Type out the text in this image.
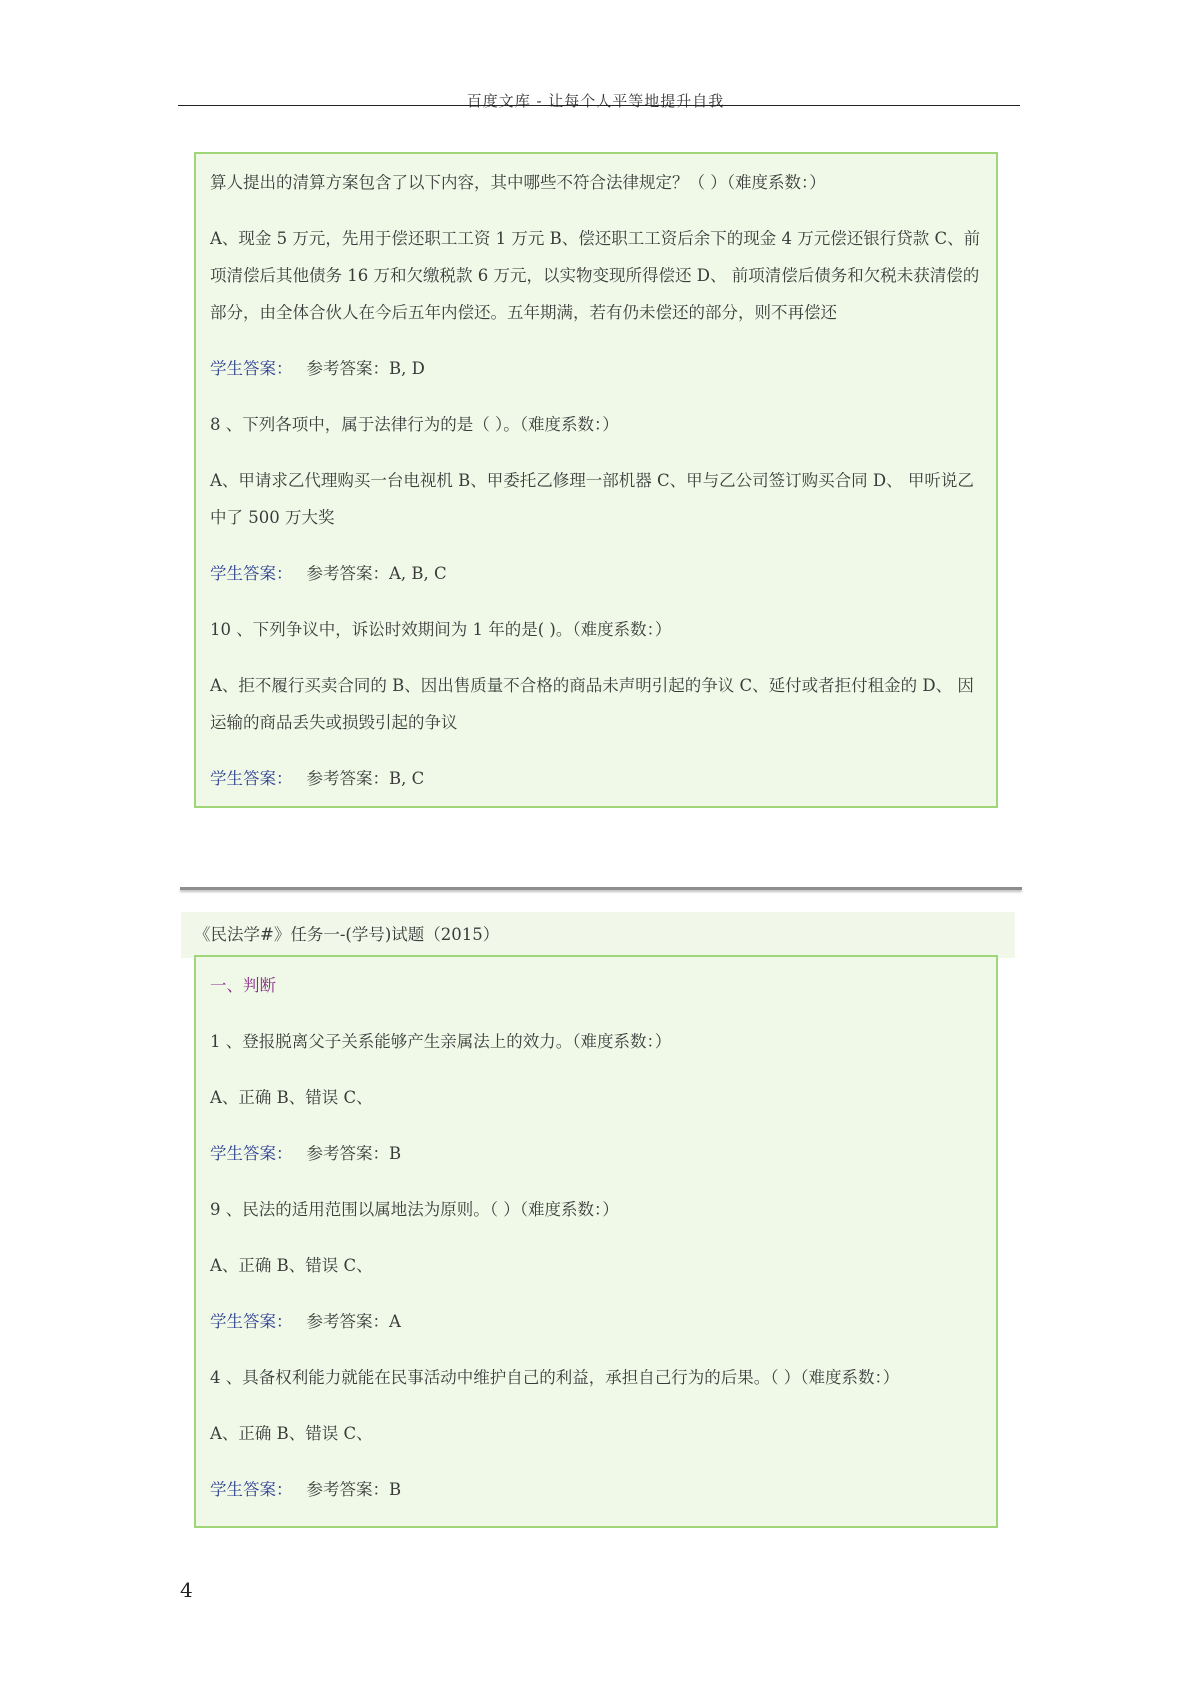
百度文库 - 让每个人平等地提升自我
算人提出的清算方案包含了以下内容，其中哪些不符合法律规定？（ ）（难度系数：）
A、现金 5 万元，先用于偿还职工工资 1 万元 B、偿还职工工资后余下的现金 4 万元偿还银行贷款 C、前项清偿后其他债务 16 万和欠缴税款 6 万元，以实物变现所得偿还 D、 前项清偿后债务和欠税未获清偿的部分，由全体合伙人在今后五年内偿还。五年期满，若有仍未偿还的部分，则不再偿还
学生答案： 参考答案：B, D
8 、下列各项中，属于法律行为的是（ ）。（难度系数：）
A、甲请求乙代理购买一台电视机 B、甲委托乙修理一部机器 C、甲与乙公司签订购买合同 D、 甲听说乙中了 500 万大奖
学生答案： 参考答案：A, B, C
10 、下列争议中，诉讼时效期间为 1 年的是( )。（难度系数：）
A、拒不履行买卖合同的 B、因出售质量不合格的商品未声明引起的争议 C、延付或者拒付租金的 D、 因运输的商品丢失或损毁引起的争议
学生答案： 参考答案：B, C
《民法学#》任务一-(学号)试题（2015）
一、判断
1 、登报脱离父子关系能够产生亲属法上的效力。（难度系数：）
A、正确 B、错误 C、
学生答案： 参考答案：B
9 、民法的适用范围以属地法为原则。（ ）（难度系数：）
A、正确 B、错误 C、
学生答案： 参考答案：A
4 、具备权利能力就能在民事活动中维护自己的利益，承担自己行为的后果。（ ）（难度系数：）
A、正确 B、错误 C、
学生答案： 参考答案：B
4
